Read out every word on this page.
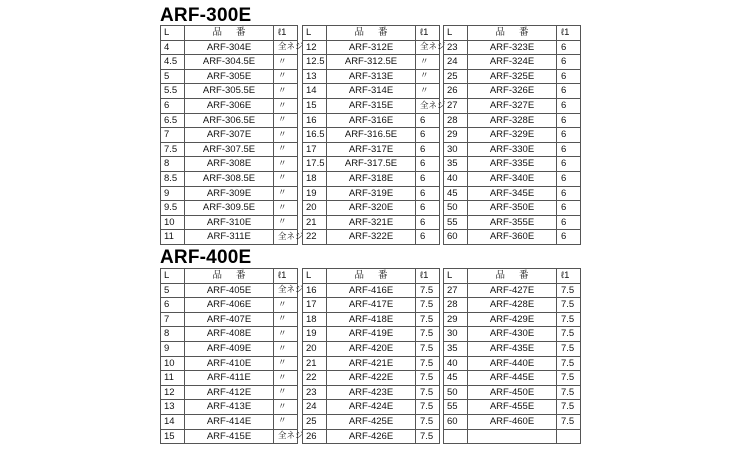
ARF-300E
L	品番	ℓ1
4	ARF-304E	全ネジ
4.5	ARF-304.5E	〃
5	ARF-305E	〃
5.5	ARF-305.5E	〃
6	ARF-306E	〃
6.5	ARF-306.5E	〃
7	ARF-307E	〃
7.5	ARF-307.5E	〃
8	ARF-308E	〃
8.5	ARF-308.5E	〃
9	ARF-309E	〃
9.5	ARF-309.5E	〃
10	ARF-310E	〃
11	ARF-311E	全ネジ
L	品番	ℓ1
12	ARF-312E	全ネジ
12.5	ARF-312.5E	〃
13	ARF-313E	〃
14	ARF-314E	〃
15	ARF-315E	全ネジ
16	ARF-316E	6
16.5	ARF-316.5E	6
17	ARF-317E	6
17.5	ARF-317.5E	6
18	ARF-318E	6
19	ARF-319E	6
20	ARF-320E	6
21	ARF-321E	6
22	ARF-322E	6
L	品番	ℓ1
23	ARF-323E	6
24	ARF-324E	6
25	ARF-325E	6
26	ARF-326E	6
27	ARF-327E	6
28	ARF-328E	6
29	ARF-329E	6
30	ARF-330E	6
35	ARF-335E	6
40	ARF-340E	6
45	ARF-345E	6
50	ARF-350E	6
55	ARF-355E	6
60	ARF-360E	6
ARF-400E
L	品番	ℓ1
5	ARF-405E	全ネジ
6	ARF-406E	〃
7	ARF-407E	〃
8	ARF-408E	〃
9	ARF-409E	〃
10	ARF-410E	〃
11	ARF-411E	〃
12	ARF-412E	〃
13	ARF-413E	〃
14	ARF-414E	〃
15	ARF-415E	全ネジ
L	品番	ℓ1
16	ARF-416E	7.5
17	ARF-417E	7.5
18	ARF-418E	7.5
19	ARF-419E	7.5
20	ARF-420E	7.5
21	ARF-421E	7.5
22	ARF-422E	7.5
23	ARF-423E	7.5
24	ARF-424E	7.5
25	ARF-425E	7.5
26	ARF-426E	7.5
L	品番	ℓ1
27	ARF-427E	7.5
28	ARF-428E	7.5
29	ARF-429E	7.5
30	ARF-430E	7.5
35	ARF-435E	7.5
40	ARF-440E	7.5
45	ARF-445E	7.5
50	ARF-450E	7.5
55	ARF-455E	7.5
60	ARF-460E	7.5
